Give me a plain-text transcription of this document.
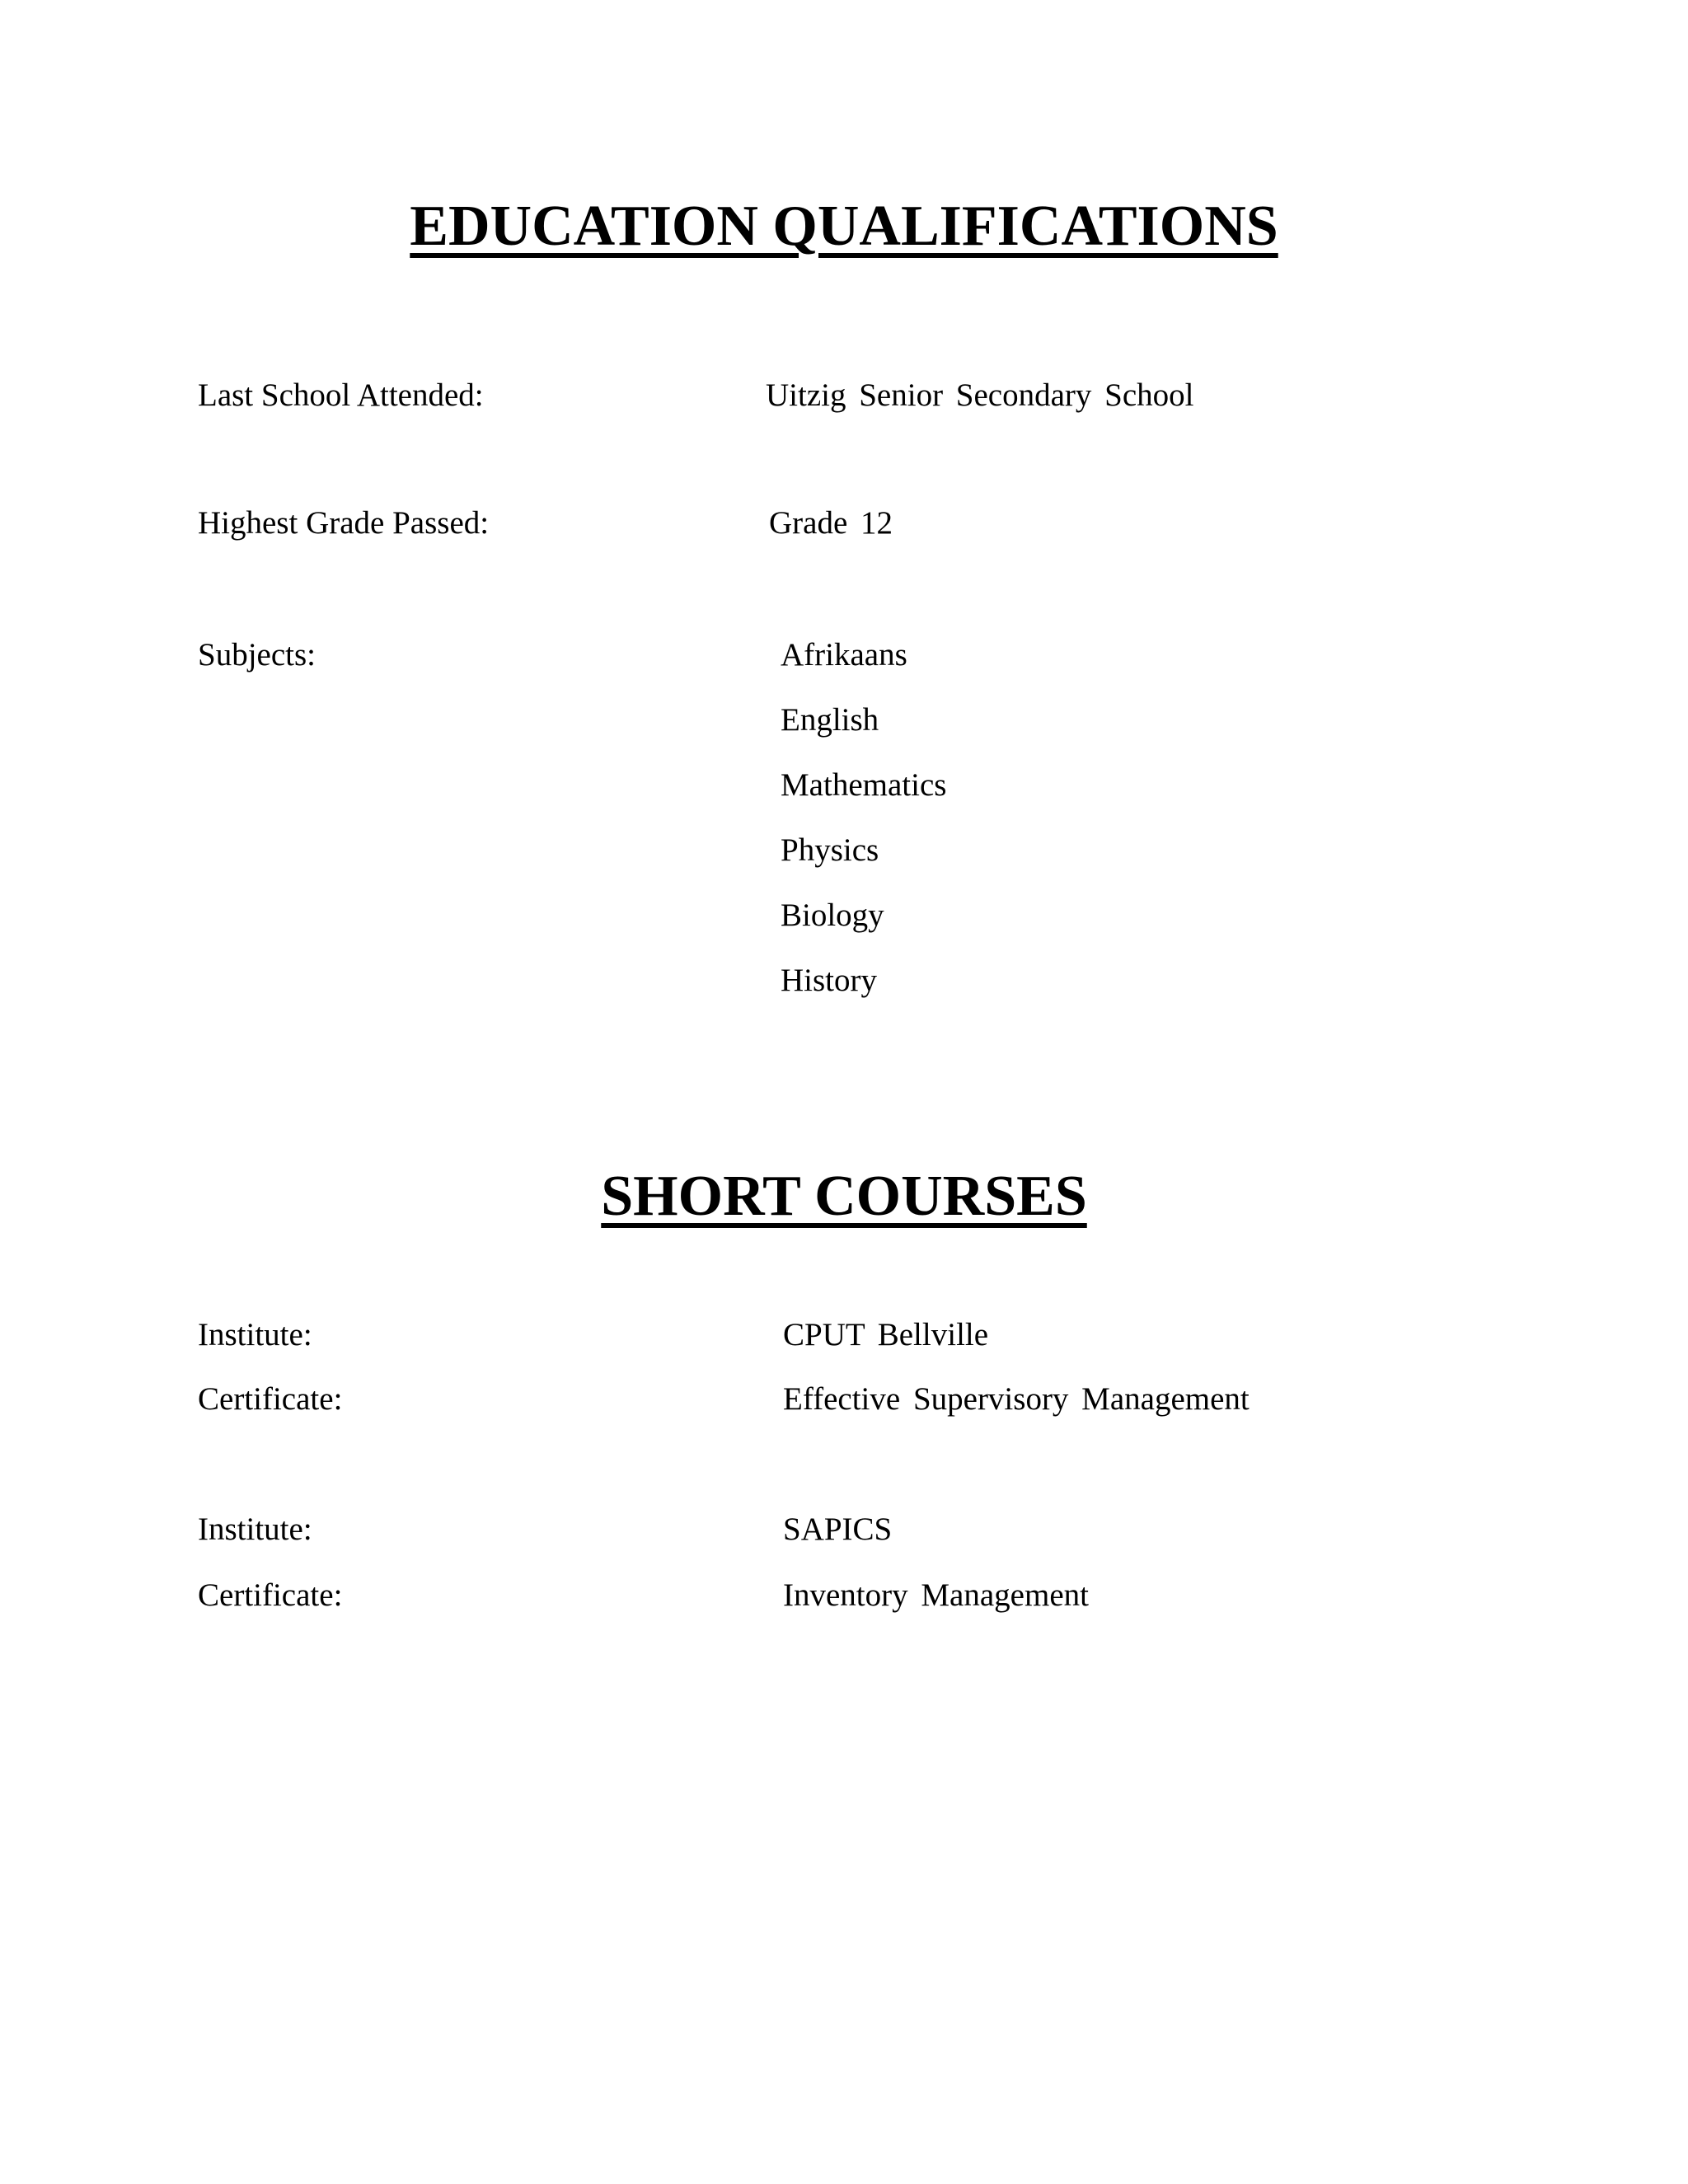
EDUCATION QUALIFICATIONS
Last School Attended:	Uitzig Senior Secondary School
Highest Grade Passed:	Grade 12
Subjects:	Afrikaans
English
Mathematics
Physics
Biology
History
SHORT COURSES
Institute:	CPUT Bellville
Certificate:	Effective Supervisory Management
Institute:	SAPICS
Certificate:	Inventory Management
